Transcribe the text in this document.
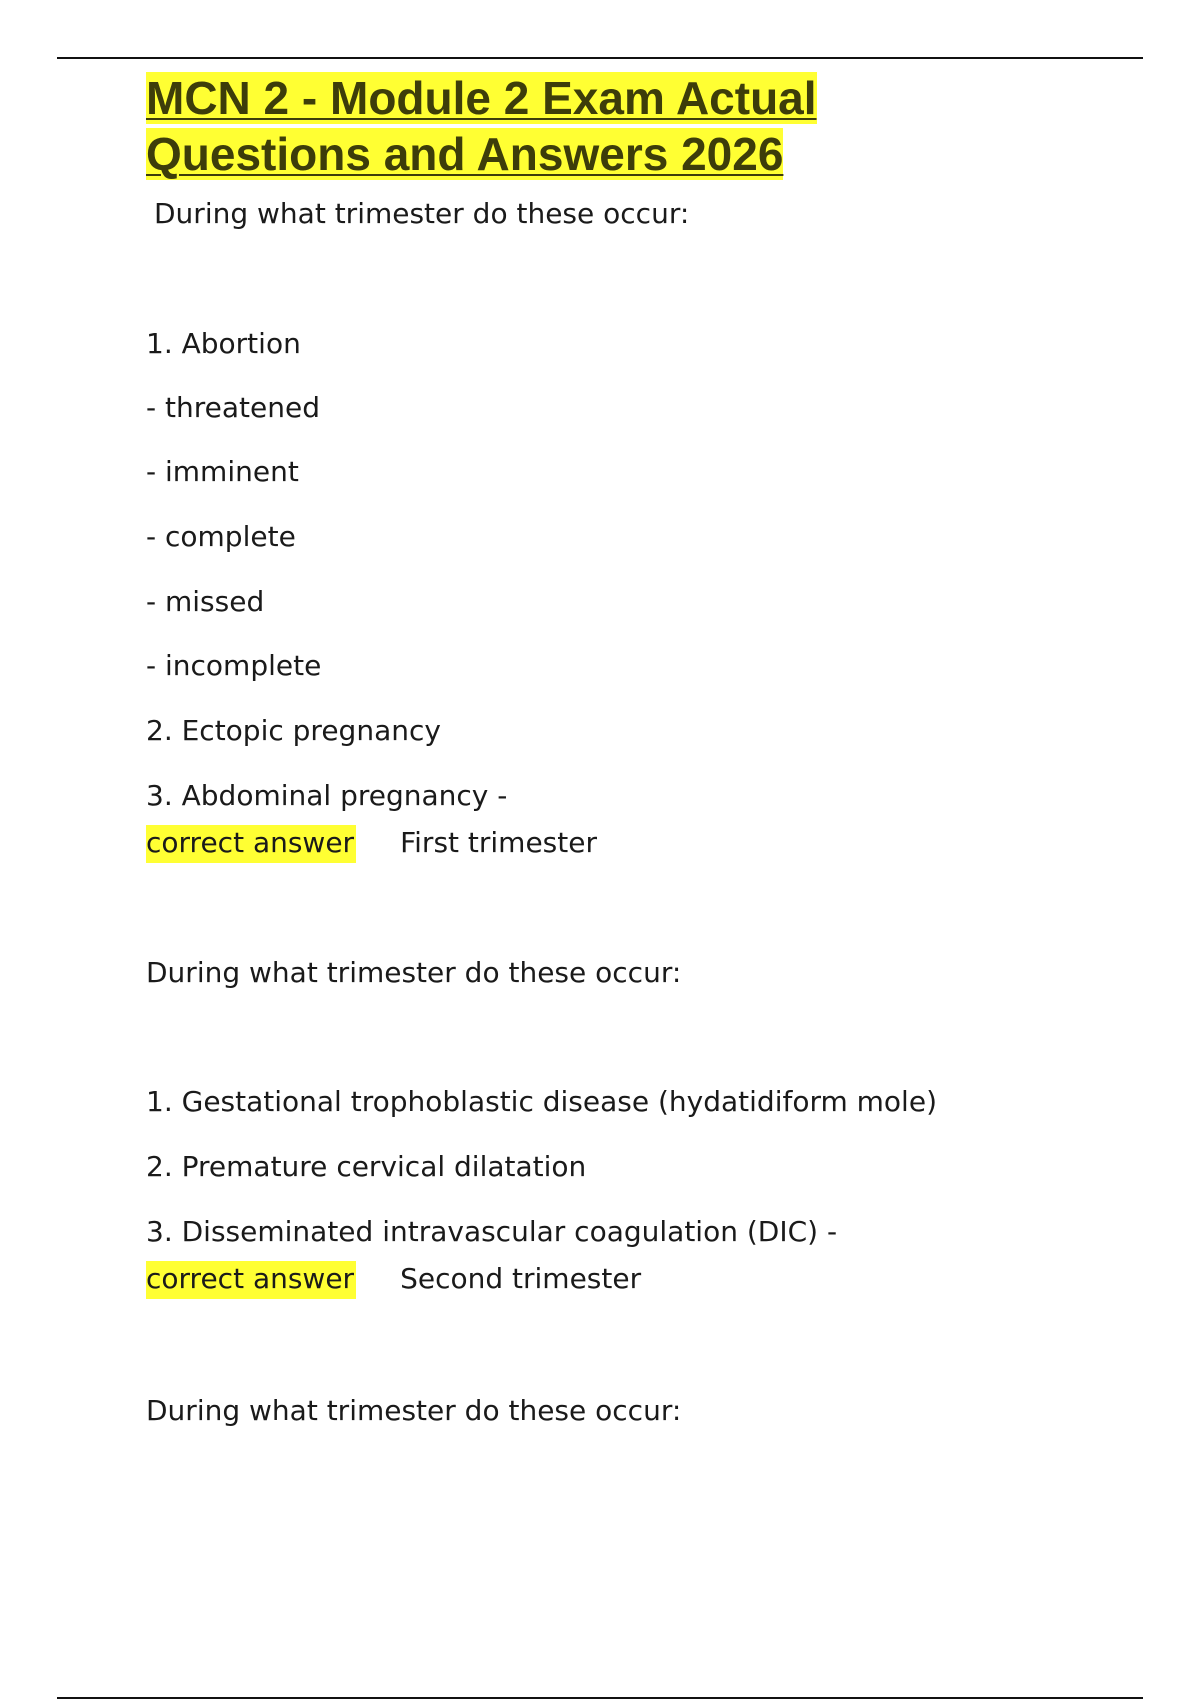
MCN 2 - Module 2 Exam Actual Questions and Answers 2026

During what trimester do these occur:

1. Abortion

- threatened

- imminent

- complete

- missed

- incomplete

2. Ectopic pregnancy

3. Abdominal pregnancy -

correct answer First trimester

During what trimester do these occur:

1. Gestational trophoblastic disease (hydatidiform mole)

2. Premature cervical dilatation

3. Disseminated intravascular coagulation (DIC) -

correct answer Second trimester

During what trimester do these occur:
